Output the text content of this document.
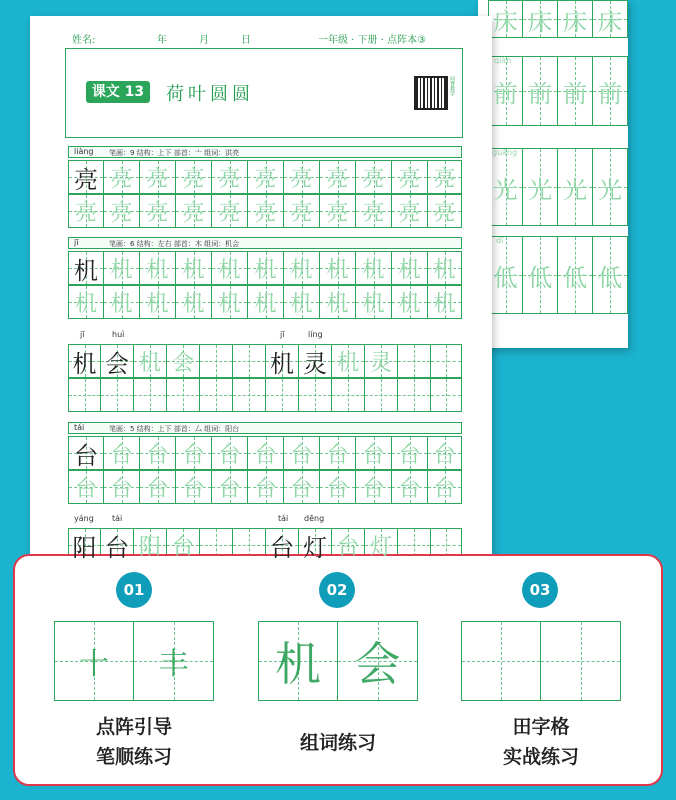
床 床 床 床
前 前 前 前
qián
光 光 光 光
guāng
低 低 低 低
dī
姓名:	年	月	日	一年级 · 下册 · 点阵本③
课文 13	荷叶圆圆	间费教学
liàng 笔画：9 结构：上下 部首：亠 组词：洪亮
亮 亮 亮 亮 亮 亮 亮 亮 亮 亮 亮
亮 亮 亮 亮 亮 亮 亮 亮 亮 亮 亮
jī	笔画：6 结构：左右 部首：木 组词：机会
机 机 机 机 机 机 机 机 机 机 机
机 机 机 机 机 机 机 机 机 机 机
jī	huì	jī	líng
机 会 机 会	机 灵 机 灵
tái	笔画：5 结构：上下 部首：厶 组词：阳台
台 台 台 台 台 台 台 台 台 台 台
台 台 台 台 台 台 台 台 台 台 台
yáng tái	tái dēng
阳 台 阳 台	台 灯 台 灯
01	02	03
十 丰 机 会
点阵引导
笔顺练习
组词练习
田字格
实战练习
